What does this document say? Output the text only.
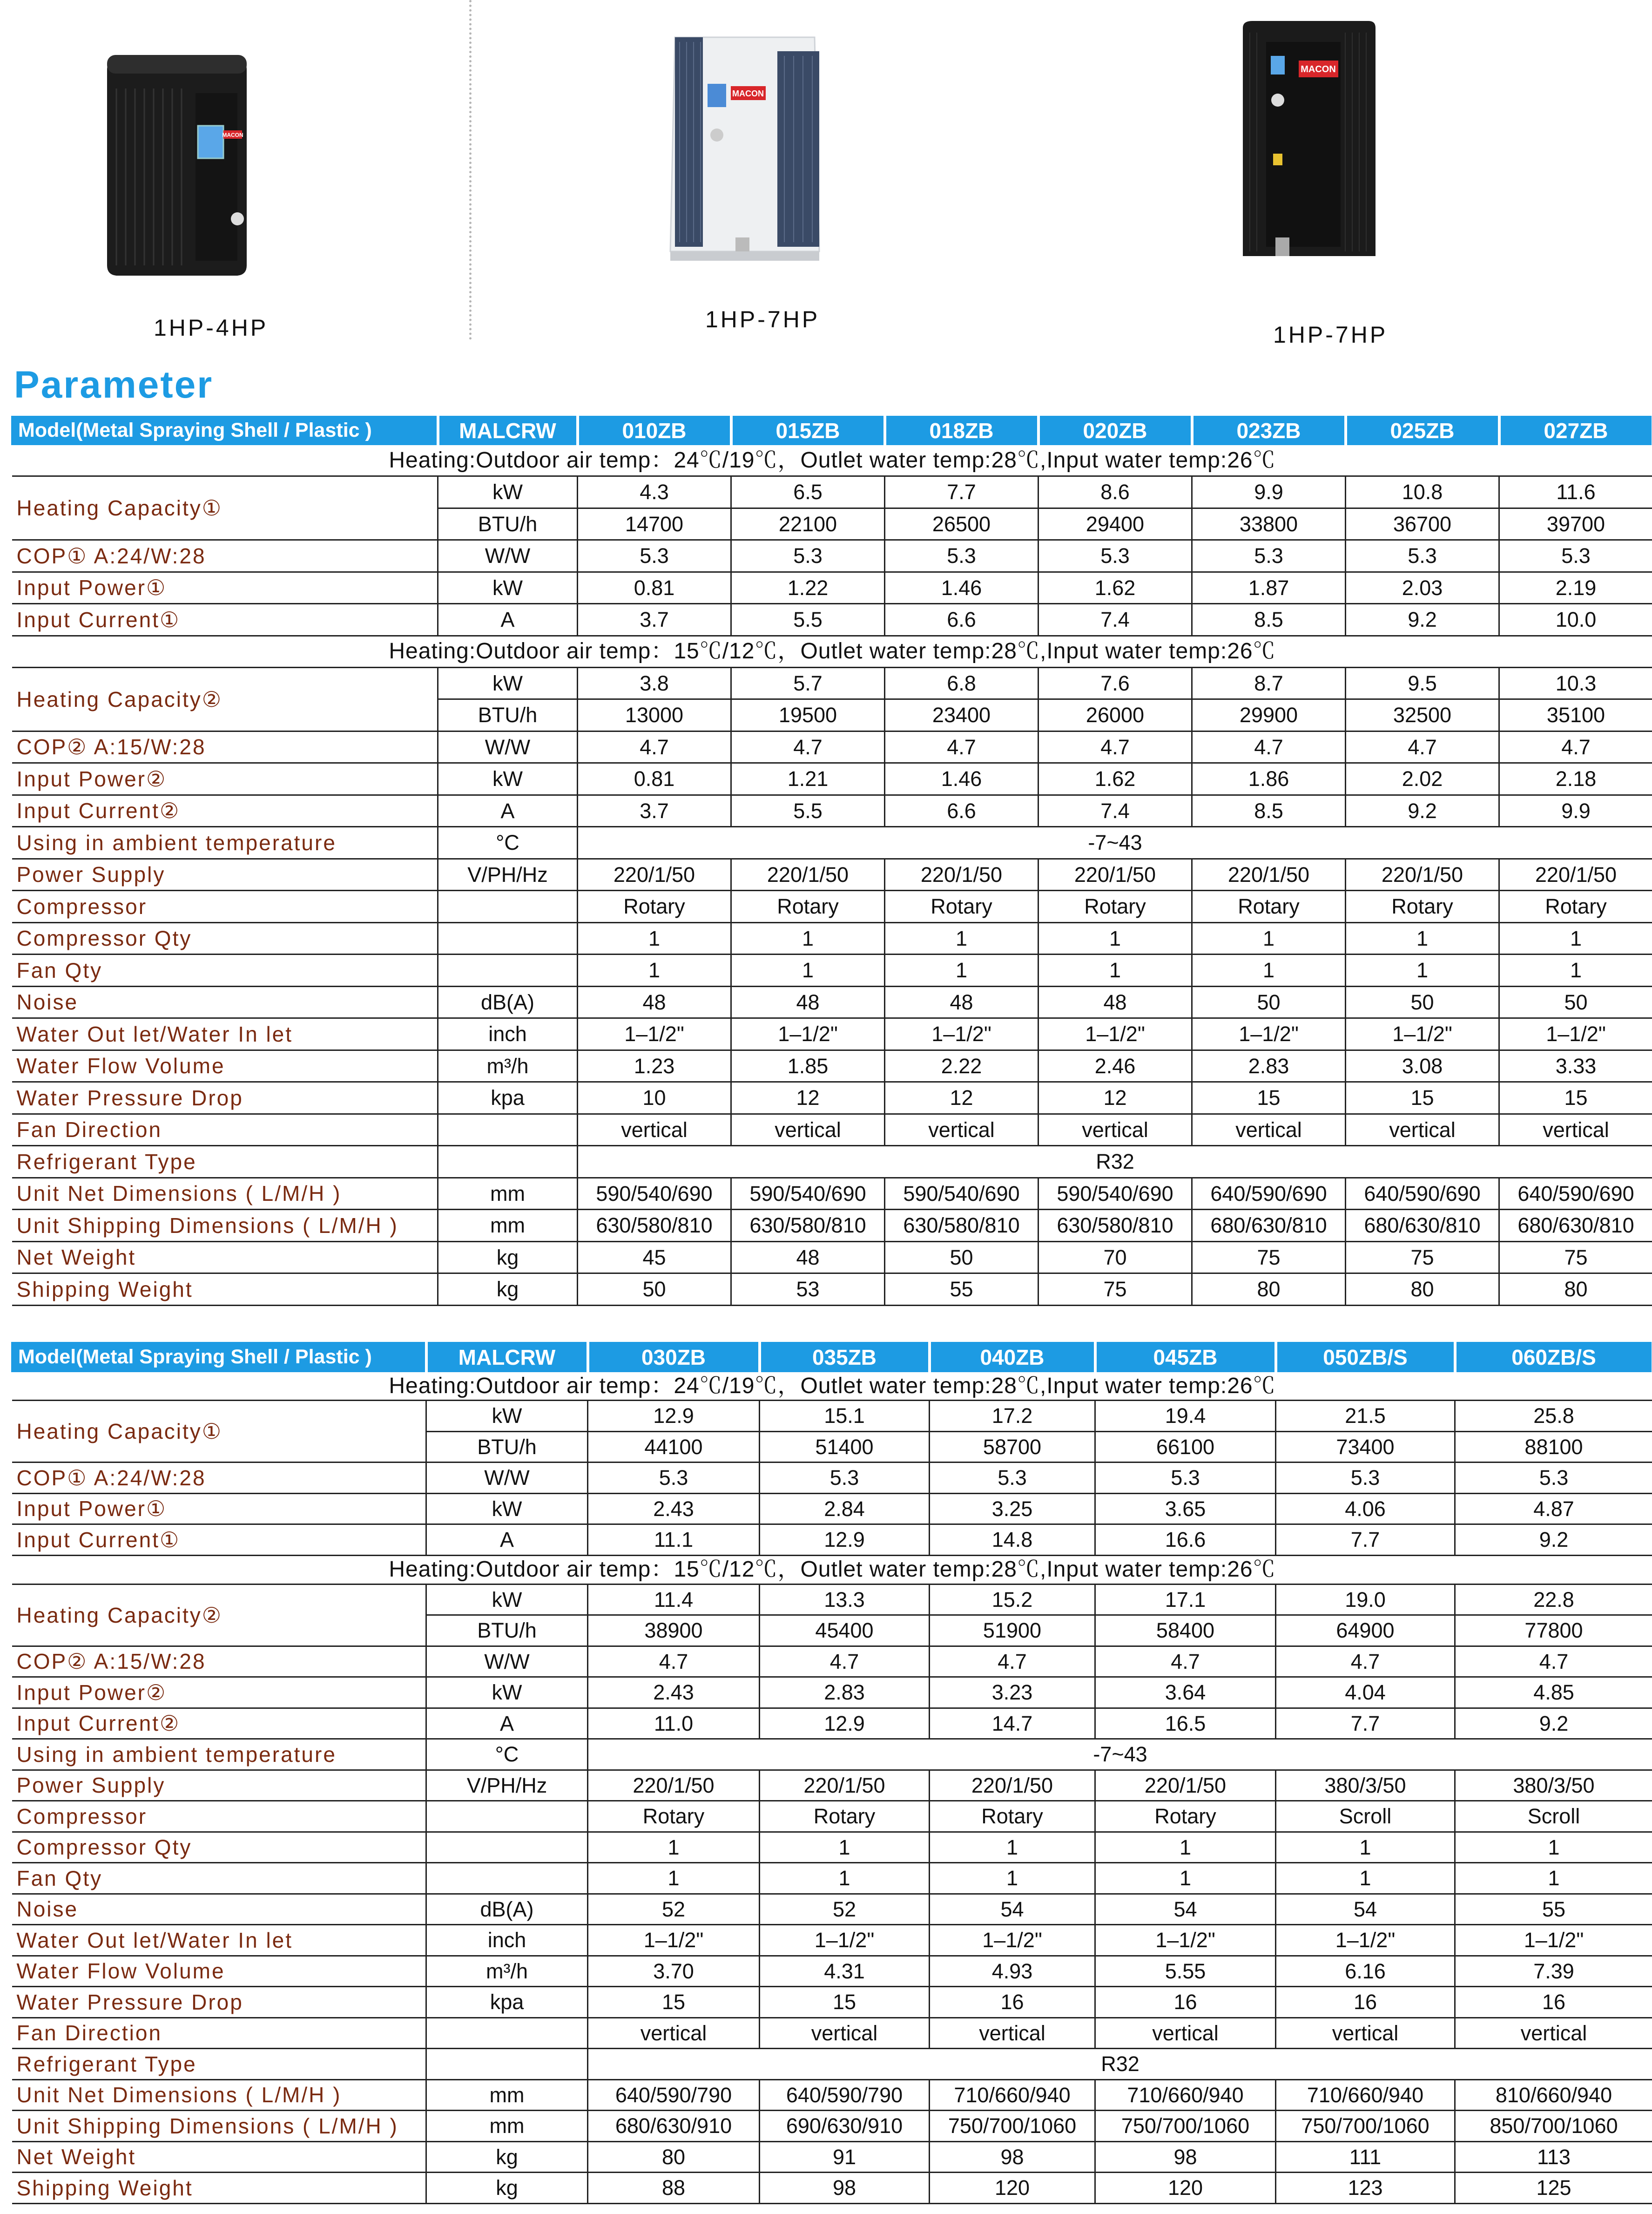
MACON
1HP-4HP
MACON
1HP-7HP
MACON
1HP-7HP
Parameter
Model(Metal Spraying Shell / Plastic )	MALCRW	010ZB	015ZB	018ZB	020ZB	023ZB	025ZB	027ZB
Heating:Outdoor air temp：24℃/19℃，Outlet water temp:28℃,Input water temp:26℃								
Heating Capacity①	kW	4.3	6.5	7.7	8.6	9.9	10.8	11.6
	BTU/h	14700	22100	26500	29400	33800	36700	39700
COP① A:24/W:28	W/W	5.3	5.3	5.3	5.3	5.3	5.3	5.3
Input Power①	kW	0.81	1.22	1.46	1.62	1.87	2.03	2.19
Input Current①	A	3.7	5.5	6.6	7.4	8.5	9.2	10.0
Heating:Outdoor air temp：15℃/12℃，Outlet water temp:28℃,Input water temp:26℃								
Heating Capacity②	kW	3.8	5.7	6.8	7.6	8.7	9.5	10.3
	BTU/h	13000	19500	23400	26000	29900	32500	35100
COP② A:15/W:28	W/W	4.7	4.7	4.7	4.7	4.7	4.7	4.7
Input Power②	kW	0.81	1.21	1.46	1.62	1.86	2.02	2.18
Input Current②	A	3.7	5.5	6.6	7.4	8.5	9.2	9.9
Using in ambient temperature	°C	-7~43						
Power Supply	V/PH/Hz	220/1/50	220/1/50	220/1/50	220/1/50	220/1/50	220/1/50	220/1/50
Compressor		Rotary	Rotary	Rotary	Rotary	Rotary	Rotary	Rotary
Compressor Qty		1	1	1	1	1	1	1
Fan Qty		1	1	1	1	1	1	1
Noise	dB(A)	48	48	48	48	50	50	50
Water Out let/Water In let	inch	1–1/2"	1–1/2"	1–1/2"	1–1/2"	1–1/2"	1–1/2"	1–1/2"
Water Flow Volume	m³/h	1.23	1.85	2.22	2.46	2.83	3.08	3.33
Water Pressure Drop	kpa	10	12	12	12	15	15	15
Fan Direction		vertical	vertical	vertical	vertical	vertical	vertical	vertical
Refrigerant Type		R32						
Unit Net Dimensions ( L/M/H )	mm	590/540/690	590/540/690	590/540/690	590/540/690	640/590/690	640/590/690	640/590/690
Unit Shipping Dimensions ( L/M/H )	mm	630/580/810	630/580/810	630/580/810	630/580/810	680/630/810	680/630/810	680/630/810
Net Weight	kg	45	48	50	70	75	75	75
Shipping Weight	kg	50	53	55	75	80	80	80
Model(Metal Spraying Shell / Plastic )	MALCRW	030ZB	035ZB	040ZB	045ZB	050ZB/S	060ZB/S
Heating:Outdoor air temp：24℃/19℃，Outlet water temp:28℃,Input water temp:26℃							
Heating Capacity①	kW	12.9	15.1	17.2	19.4	21.5	25.8
	BTU/h	44100	51400	58700	66100	73400	88100
COP① A:24/W:28	W/W	5.3	5.3	5.3	5.3	5.3	5.3
Input Power①	kW	2.43	2.84	3.25	3.65	4.06	4.87
Input Current①	A	11.1	12.9	14.8	16.6	7.7	9.2
Heating:Outdoor air temp：15℃/12℃，Outlet water temp:28℃,Input water temp:26℃							
Heating Capacity②	kW	11.4	13.3	15.2	17.1	19.0	22.8
	BTU/h	38900	45400	51900	58400	64900	77800
COP② A:15/W:28	W/W	4.7	4.7	4.7	4.7	4.7	4.7
Input Power②	kW	2.43	2.83	3.23	3.64	4.04	4.85
Input Current②	A	11.0	12.9	14.7	16.5	7.7	9.2
Using in ambient temperature	°C	-7~43					
Power Supply	V/PH/Hz	220/1/50	220/1/50	220/1/50	220/1/50	380/3/50	380/3/50
Compressor		Rotary	Rotary	Rotary	Rotary	Scroll	Scroll
Compressor Qty		1	1	1	1	1	1
Fan Qty		1	1	1	1	1	1
Noise	dB(A)	52	52	54	54	54	55
Water Out let/Water In let	inch	1–1/2"	1–1/2"	1–1/2"	1–1/2"	1–1/2"	1–1/2"
Water Flow Volume	m³/h	3.70	4.31	4.93	5.55	6.16	7.39
Water Pressure Drop	kpa	15	15	16	16	16	16
Fan Direction		vertical	vertical	vertical	vertical	vertical	vertical
Refrigerant Type		R32					
Unit Net Dimensions ( L/M/H )	mm	640/590/790	640/590/790	710/660/940	710/660/940	710/660/940	810/660/940
Unit Shipping Dimensions ( L/M/H )	mm	680/630/910	690/630/910	750/700/1060	750/700/1060	750/700/1060	850/700/1060
Net Weight	kg	80	91	98	98	111	113
Shipping Weight	kg	88	98	120	120	123	125
